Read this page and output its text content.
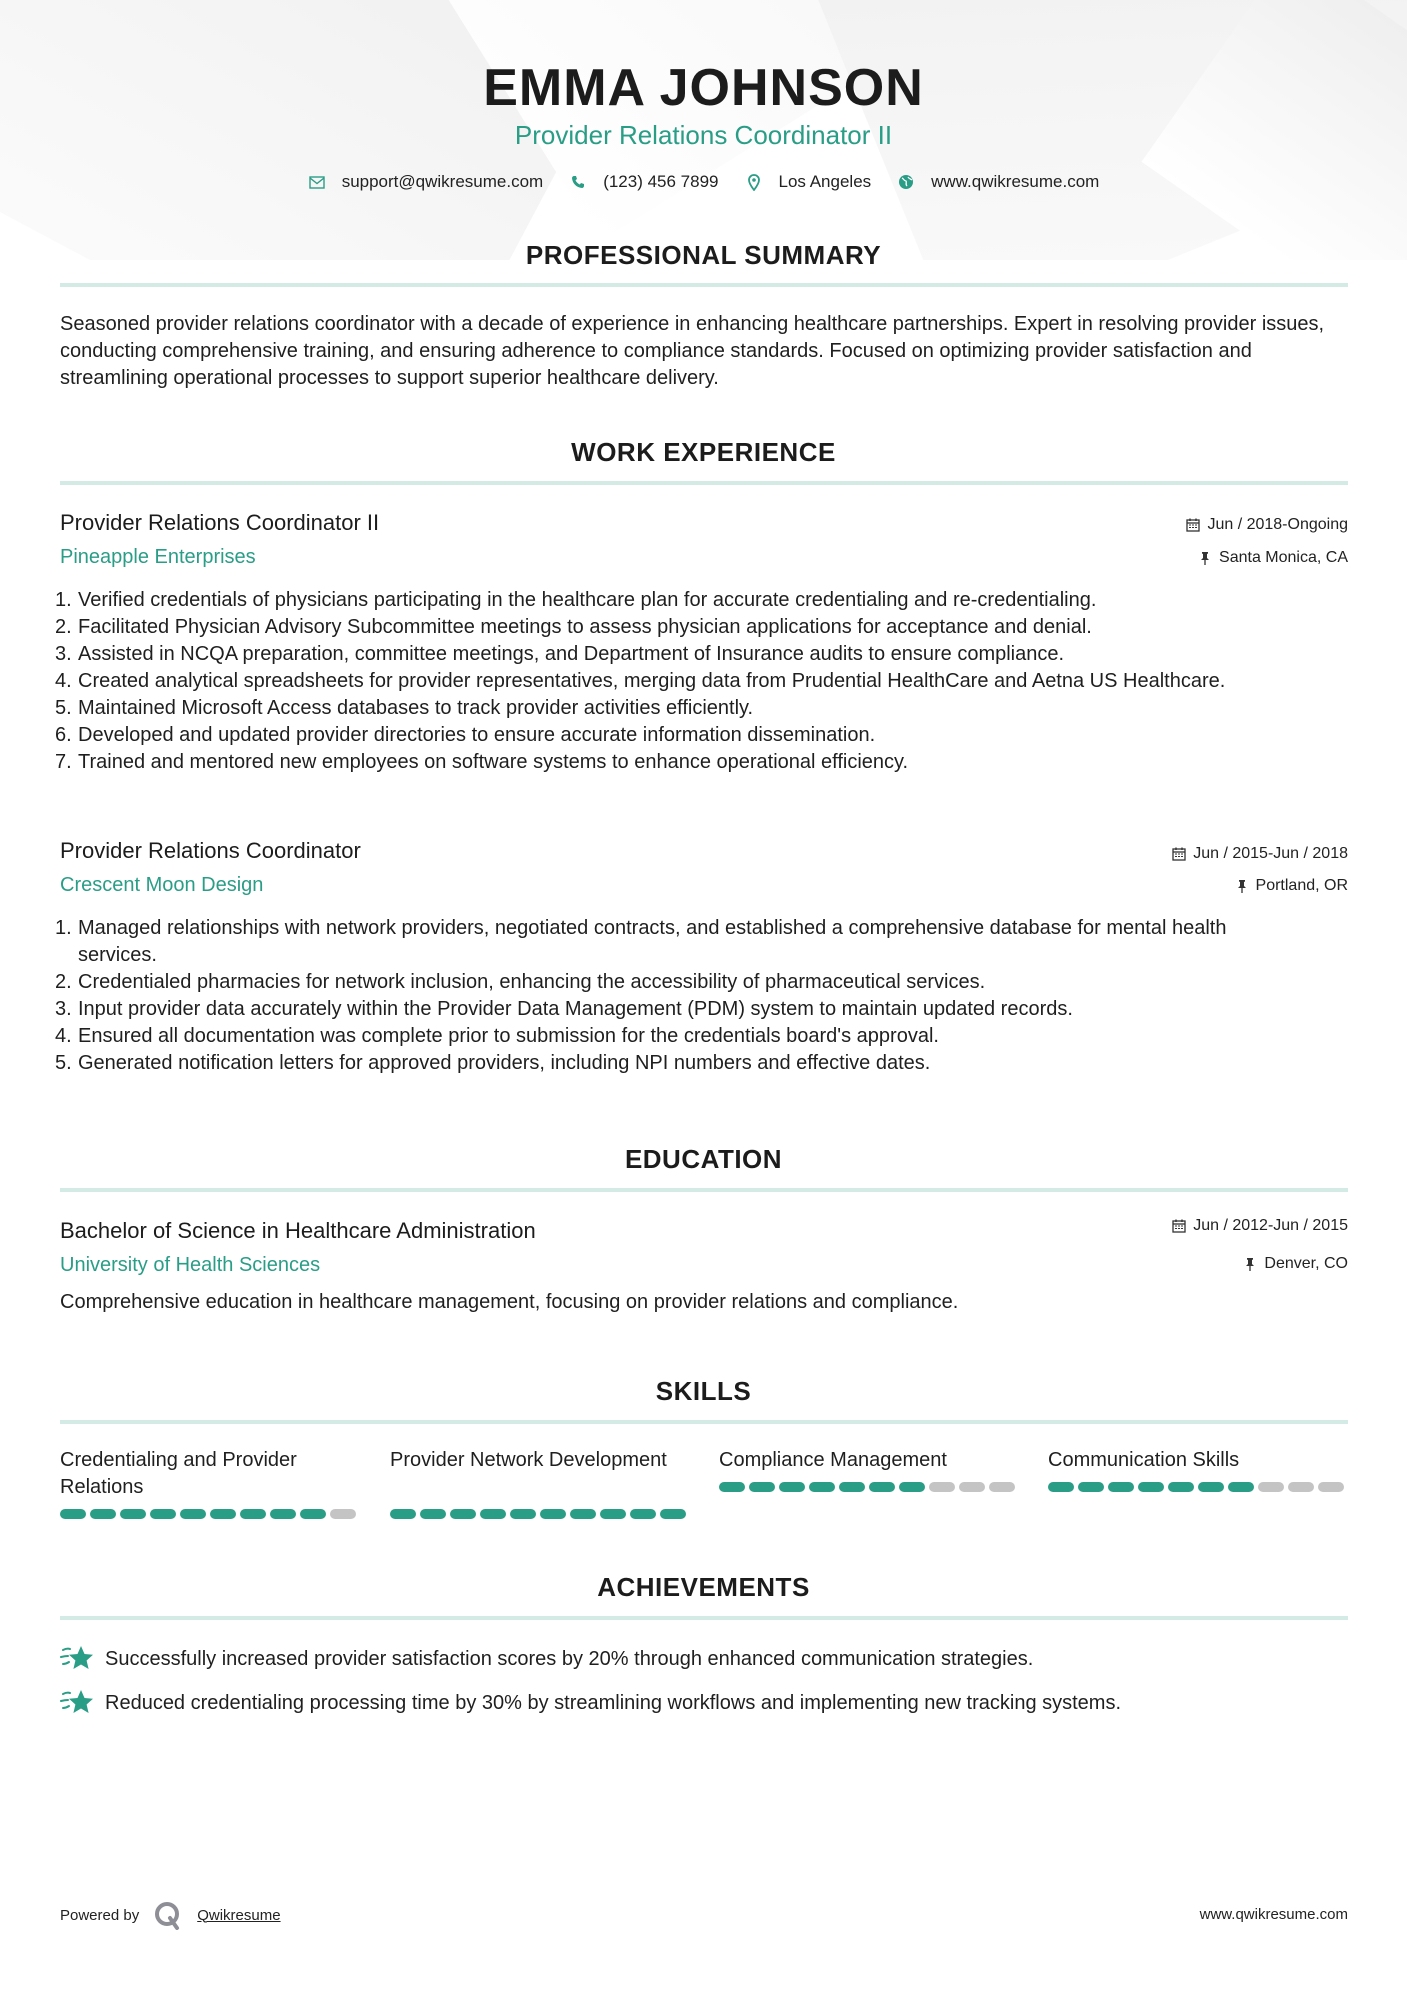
EMMA JOHNSON
Provider Relations Coordinator II
support@qwikresume.com	(123) 456 7899	Los Angeles	www.qwikresume.com
PROFESSIONAL SUMMARY
Seasoned provider relations coordinator with a decade of experience in enhancing healthcare partnerships. Expert in resolving provider issues, conducting comprehensive training, and ensuring adherence to compliance standards. Focused on optimizing provider satisfaction and streamlining operational processes to support superior healthcare delivery.
WORK EXPERIENCE
Provider Relations Coordinator II	Jun / 2018-Ongoing
Pineapple Enterprises	Santa Monica, CA
1. Verified credentials of physicians participating in the healthcare plan for accurate credentialing and re-credentialing.
2. Facilitated Physician Advisory Subcommittee meetings to assess physician applications for acceptance and denial.
3. Assisted in NCQA preparation, committee meetings, and Department of Insurance audits to ensure compliance.
4. Created analytical spreadsheets for provider representatives, merging data from Prudential HealthCare and Aetna US Healthcare.
5. Maintained Microsoft Access databases to track provider activities efficiently.
6. Developed and updated provider directories to ensure accurate information dissemination.
7. Trained and mentored new employees on software systems to enhance operational efficiency.
Provider Relations Coordinator	Jun / 2015-Jun / 2018
Crescent Moon Design	Portland, OR
1. Managed relationships with network providers, negotiated contracts, and established a comprehensive database for mental health services.
2. Credentialed pharmacies for network inclusion, enhancing the accessibility of pharmaceutical services.
3. Input provider data accurately within the Provider Data Management (PDM) system to maintain updated records.
4. Ensured all documentation was complete prior to submission for the credentials board's approval.
5. Generated notification letters for approved providers, including NPI numbers and effective dates.
EDUCATION
Bachelor of Science in Healthcare Administration	Jun / 2012-Jun / 2015
University of Health Sciences	Denver, CO
Comprehensive education in healthcare management, focusing on provider relations and compliance.
SKILLS
Credentialing and Provider Relations
Provider Network Development	Compliance Management	Communication Skills
ACHIEVEMENTS
Successfully increased provider satisfaction scores by 20% through enhanced communication strategies.
Reduced credentialing processing time by 30% by streamlining workflows and implementing new tracking systems.
Powered by	Qwikresume	www.qwikresume.com
